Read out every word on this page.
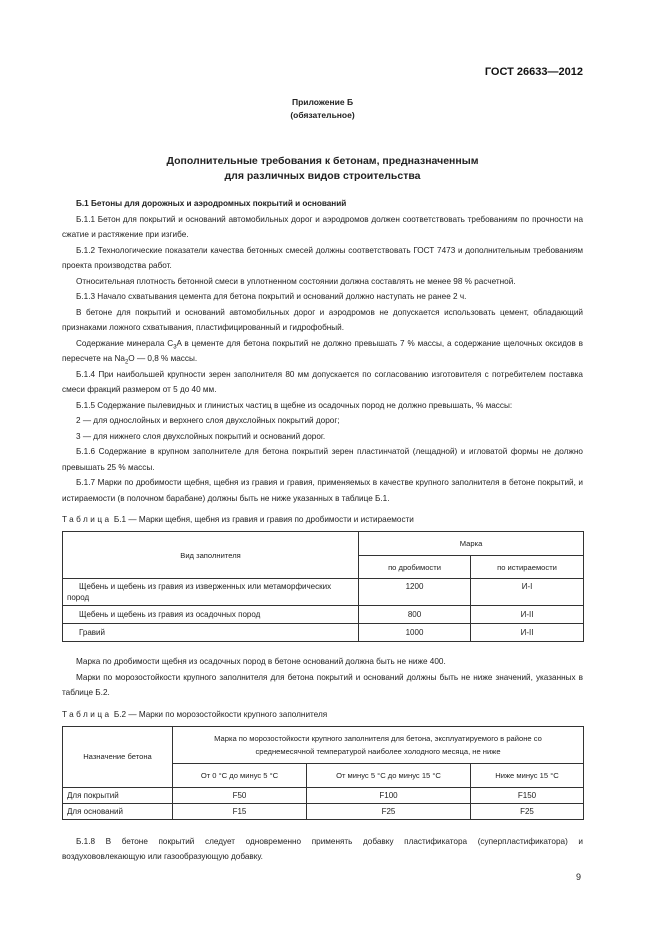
ГОСТ 26633—2012
Приложение Б
(обязательное)
Дополнительные требования к бетонам, предназначенным
для различных видов строительства

Б.1 Бетоны для дорожных и аэродромных покрытий и оснований

Б.1.1 Бетон для покрытий и оснований автомобильных дорог и аэродромов должен соответствовать требованиям по прочности на сжатие и растяжение при изгибе.

Б.1.2 Технологические показатели качества бетонных смесей должны соответствовать ГОСТ 7473 и дополнительным требованиям проекта производства работ.

Относительная плотность бетонной смеси в уплотненном состоянии должна составлять не менее 98 % расчетной.

Б.1.3 Начало схватывания цемента для бетона покрытий и оснований должно наступать не ранее 2 ч.

В бетоне для покрытий и оснований автомобильных дорог и аэродромов не допускается использовать цемент, обладающий признаками ложного схватывания, пластифицированный и гидрофобный.

Содержание минерала $C_3A$ в цементе для бетона покрытий не должно превышать 7 % массы, а содержание щелочных оксидов в пересчете на $Na_2O$ — 0,8 % массы.

Б.1.4 При наибольшей крупности зерен заполнителя 80 мм допускается по согласованию изготовителя с потребителем поставка смеси фракций размером от 5 до 40 мм.

Б.1.5 Содержание пылевидных и глинистых частиц в щебне из осадочных пород не должно превышать, % массы:

2 — для однослойных и верхнего слоя двухслойных покрытий дорог;

3 — для нижнего слоя двухслойных покрытий и оснований дорог.

Б.1.6 Содержание в крупном заполнителе для бетона покрытий зерен пластинчатой (лещадной) и игловатой формы не должно превышать 25 % массы.

Б.1.7 Марки по дробимости щебня, щебня из гравия и гравия, применяемых в качестве крупного заполнителя в бетоне покрытий, и истираемости (в полочном барабане) должны быть не ниже указанных в таблице Б.1.

Таблица Б.1 — Марки щебня, щебня из гравия и гравия по дробимости и истираемости
Вид заполнителя	Марка	
	по дробимости	по истираемости
Щебень и щебень из гравия из изверженных или метаморфических пород	1200	И-I
Щебень и щебень из гравия из осадочных пород	800	И-II
Гравий	1000	И-II

Марка по дробимости щебня из осадочных пород в бетоне оснований должна быть не ниже 400.

Марки по морозостойкости крупного заполнителя для бетона покрытий и оснований должны быть не ниже значений, указанных в таблице Б.2.

Таблица Б.2 — Марки по морозостойкости крупного заполнителя
Назначение бетона	Марка по морозостойкости крупного заполнителя для бетона, эксплуатируемого в районе со среднемесячной температурой наиболее холодного месяца, не ниже		
	От 0 °С до минус 5 °С	От минус 5 °С до минус 15 °С	Ниже минус 15 °С
Для покрытий	F50	F100	F150
Для оснований	F15	F25	F25

Б.1.8 В бетоне покрытий следует одновременно применять добавку пластификатора (суперпластификатора) и воздухововлекающую или газообразующую добавку.

9
